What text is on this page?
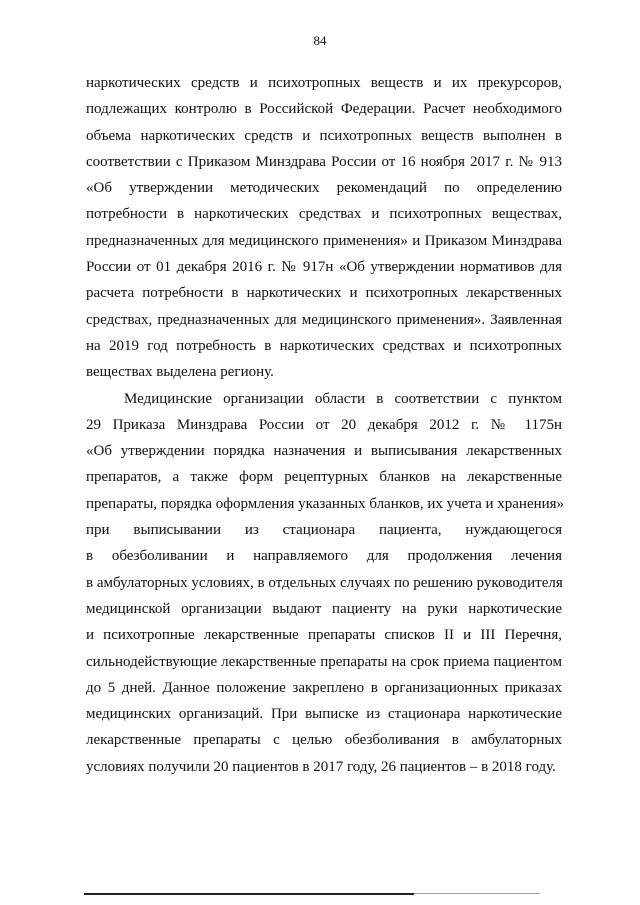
84
наркотических средств и психотропных веществ и их прекурсоров,
подлежащих контролю в Российской Федерации. Расчет необходимого
объема наркотических средств и психотропных веществ выполнен в
соответствии с Приказом Минздрава России от 16 ноября 2017 г. № 913
«Об утверждении методических рекомендаций по определению
потребности в наркотических средствах и психотропных веществах,
предназначенных для медицинского применения» и Приказом Минздрава
России от 01 декабря 2016 г. № 917н «Об утверждении нормативов для
расчета потребности в наркотических и психотропных лекарственных
средствах, предназначенных для медицинского применения». Заявленная
на 2019 год потребность в наркотических средствах и психотропных
веществах выделена региону.
Медицинские организации области в соответствии с пунктом
29 Приказа Минздрава России от 20 декабря 2012 г. № 1175н
«Об утверждении порядка назначения и выписывания лекарственных
препаратов, а также форм рецептурных бланков на лекарственные
препараты, порядка оформления указанных бланков, их учета и хранения»
при выписывании из стационара пациента, нуждающегося
в обезболивании и направляемого для продолжения лечения
в амбулаторных условиях, в отдельных случаях по решению руководителя
медицинской организации выдают пациенту на руки наркотические
и психотропные лекарственные препараты списков II и III Перечня,
сильнодействующие лекарственные препараты на срок приема пациентом
до 5 дней. Данное положение закреплено в организационных приказах
медицинских организаций. При выписке из стационара наркотические
лекарственные препараты с целью обезболивания в амбулаторных
условиях получили 20 пациентов в 2017 году, 26 пациентов – в 2018 году.
